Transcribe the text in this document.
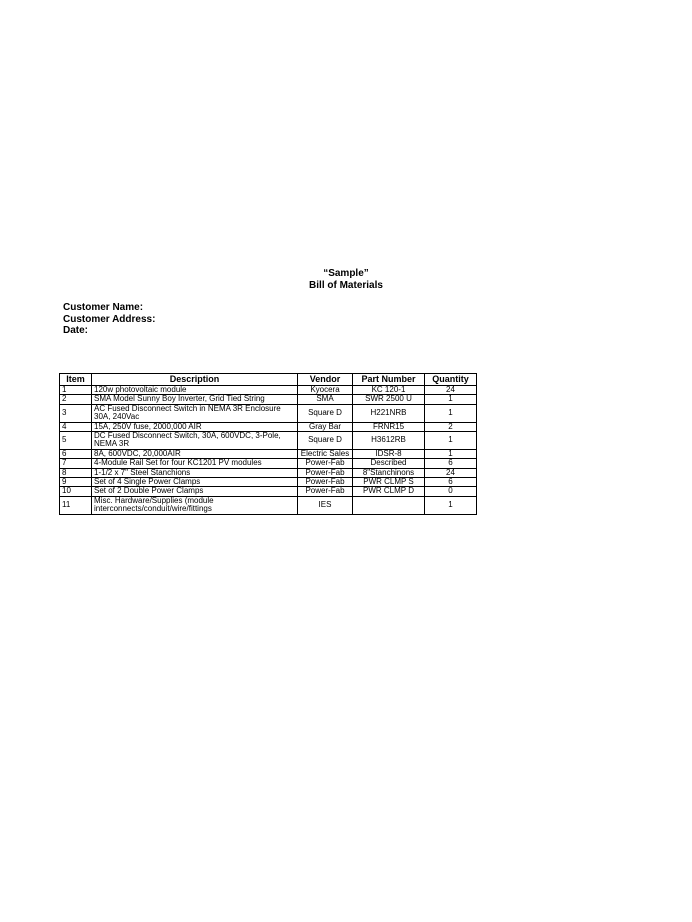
“Sample”
Bill of Materials
Customer Name:
Customer Address:
Date:
Item	Description	Vendor	Part Number	Quantity
1	120w photovoltaic module	Kyocera	KC 120-1	24
2	SMA Model Sunny Boy Inverter, Grid Tied String	SMA	SWR 2500 U	1
3	AC Fused Disconnect Switch in NEMA 3R Enclosure 30A, 240Vac	Square D	H221NRB	1
4	15A, 250V fuse, 2000,000 AIR	Gray Bar	FRNR15	2
5	DC Fused Disconnect Switch, 30A, 600VDC, 3-Pole, NEMA 3R	Square D	H3612RB	1
6	8A, 600VDC, 20,000AIR	Electric Sales	IDSR-8	1
7	4-Module Rail Set for four KC1201 PV modules	Power-Fab	Described	6
8	1-1/2 x 7" Steel Stanchions	Power-Fab	8"Stanchinons	24
9	Set of 4 Single Power Clamps	Power-Fab	PWR CLMP S	6
10	Set of 2 Double Power Clamps	Power-Fab	PWR CLMP D	0
11	Misc. Hardware/Supplies (module interconnects/conduit/wire/fittings	IES		1
